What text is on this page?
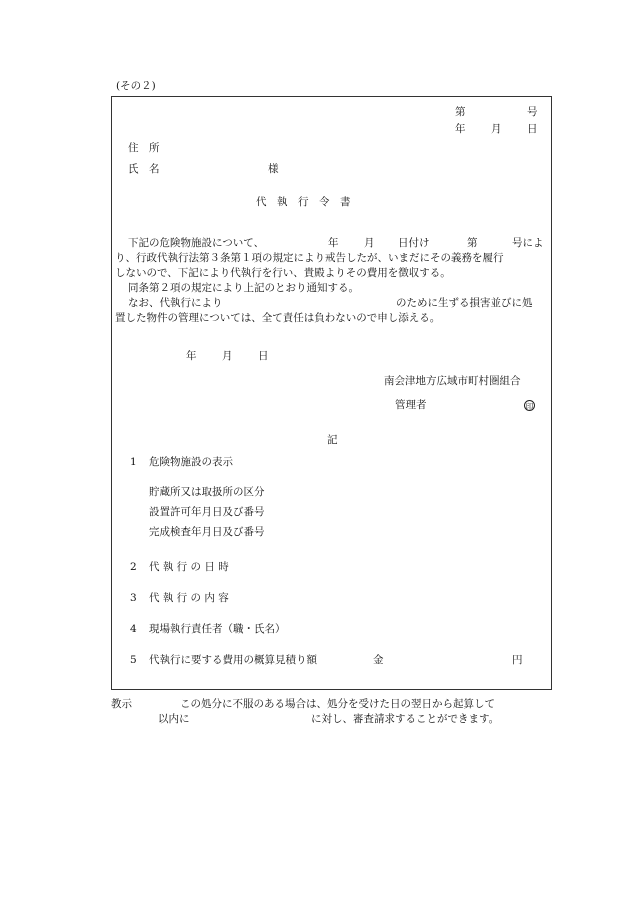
(その２)
第	号
年 月 日
住　所
氏　名	様
代　執　行　令　書
下記の危険物施設について、	年 月 日付け	第	号によ
り、行政代執行法第３条第１項の規定により戒告したが、いまだにその義務を履行
しないので、下記により代執行を行い、貴殿よりその費用を徴収する。
同条第２項の規定により上記のとおり通知する。
なお、代執行により	のために生ずる損害並びに処
置した物件の管理については、全て責任は負わないので申し添える。
年 月 日
南会津地方広域市町村圏組合
管理者	印
記
1 危険物施設の表示
貯蔵所又は取扱所の区分
設置許可年月日及び番号
完成検査年月日及び番号
2 代 執 行 の 日 時
3 代 執 行 の 内 容
4 現場執行責任者（職・氏名）
5 代執行に要する費用の概算見積り額	金	円
教示	この処分に不服のある場合は、処分を受けた日の翌日から起算して
以内に	に対し、審査請求することができます。
